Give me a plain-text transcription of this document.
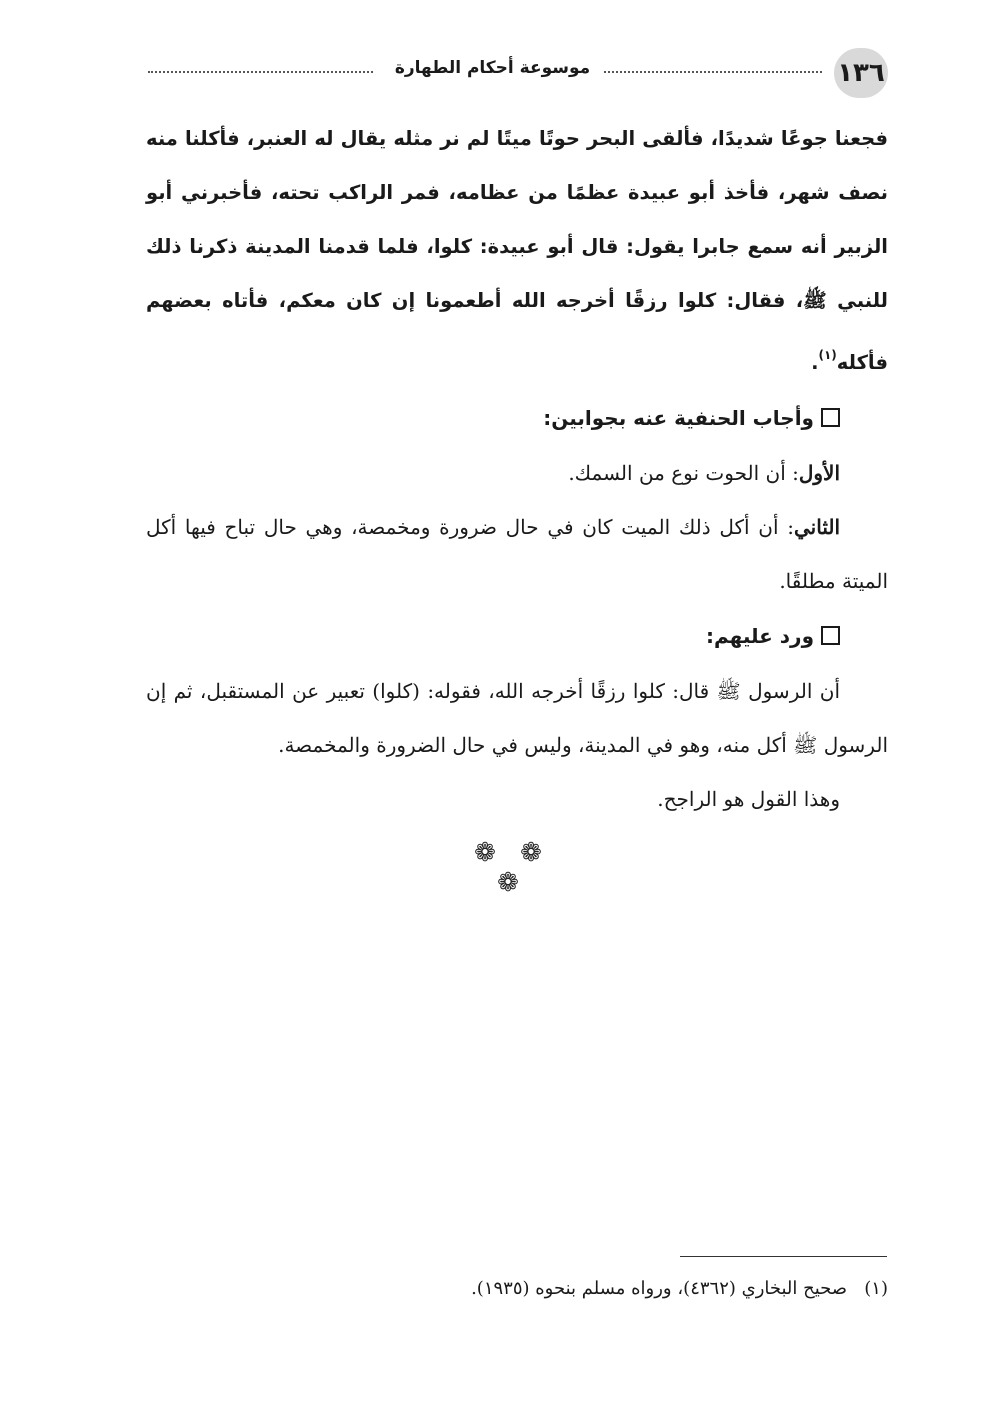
موسوعة أحكام الطهارة	١٣٦

فجعنا جوعًا شديدًا، فألقى البحر حوتًا ميتًا لم نر مثله يقال له العنبر، فأكلنا منه نصف شهر، فأخذ أبو عبيدة عظمًا من عظامه، فمر الراكب تحته، فأخبرني أبو الزبير أنه سمع جابرا يقول: قال أبو عبيدة: كلوا، فلما قدمنا المدينة ذكرنا ذلك للنبي ﷺ، فقال: كلوا رزقًا أخرجه الله أطعمونا إن كان معكم، فأتاه بعضهم فأكله$^{(١)}$.

وأجاب الحنفية عنه بجوابين:

الأول: أن الحوت نوع من السمك.

الثاني: أن أكل ذلك الميت كان في حال ضرورة ومخمصة، وهي حال تباح فيها أكل الميتة مطلقًا.

ورد عليهم:

أن الرسول ﷺ قال: كلوا رزقًا أخرجه الله، فقوله: (كلوا) تعبير عن المستقبل، ثم إن الرسول ﷺ أكل منه، وهو في المدينة، وليس في حال الضرورة والمخمصة.

وهذا القول هو الراجح.

❁ ❁ ❁
(١)   صحيح البخاري (٤٣٦٢)، ورواه مسلم بنحوه (١٩٣٥).
